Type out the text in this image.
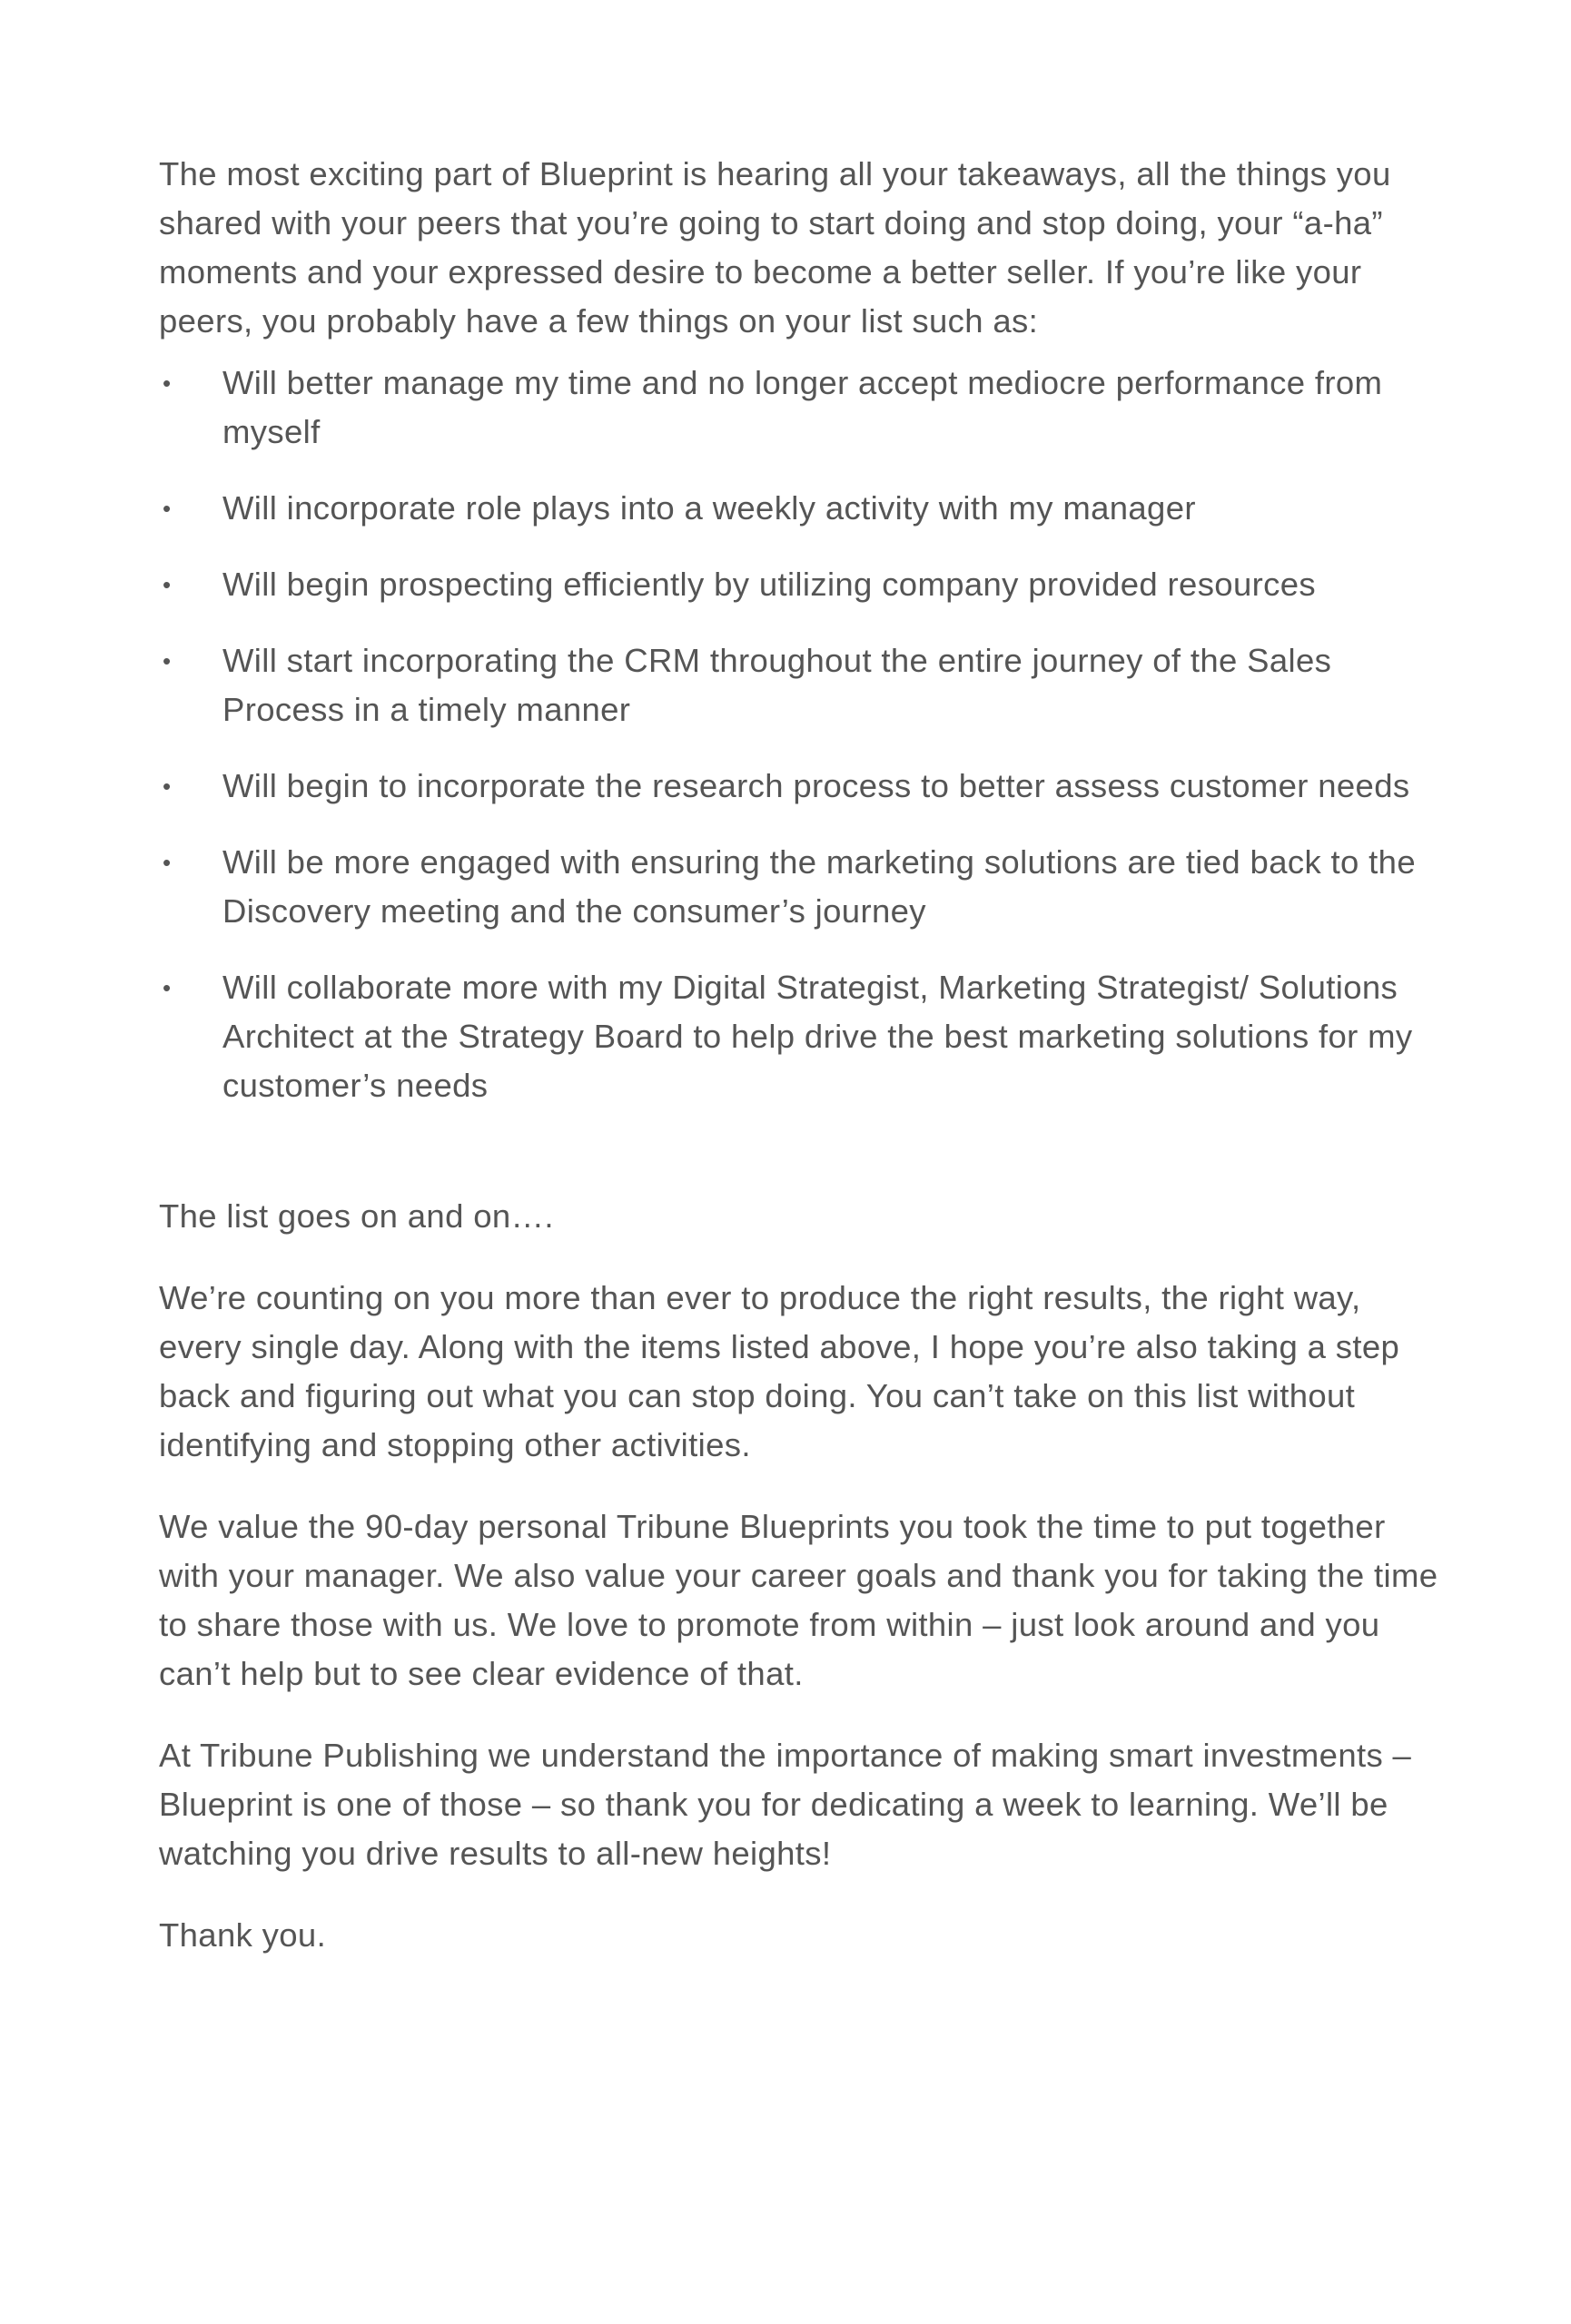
The most exciting part of Blueprint is hearing all your takeaways, all the things you shared with your peers that you’re going to start doing and stop doing, your “a-ha” moments and your expressed desire to become a better seller. If you’re like your peers, you probably have a few things on your list such as:

• Will better manage my time and no longer accept mediocre performance from myself
• Will incorporate role plays into a weekly activity with my manager
• Will begin prospecting efficiently by utilizing company provided resources
• Will start incorporating the CRM throughout the entire journey of the Sales Process in a timely manner
• Will begin to incorporate the research process to better assess customer needs
• Will be more engaged with ensuring the marketing solutions are tied back to the Discovery meeting and the consumer’s journey
• Will collaborate more with my Digital Strategist, Marketing Strategist/ Solutions Architect at the Strategy Board to help drive the best marketing solutions for my customer’s needs

The list goes on and on….

We’re counting on you more than ever to produce the right results, the right way, every single day. Along with the items listed above, I hope you’re also taking a step back and figuring out what you can stop doing. You can’t take on this list without identifying and stopping other activities.

We value the 90-day personal Tribune Blueprints you took the time to put together with your manager. We also value your career goals and thank you for taking the time to share those with us. We love to promote from within – just look around and you can’t help but to see clear evidence of that.

At Tribune Publishing we understand the importance of making smart investments – Blueprint is one of those – so thank you for dedicating a week to learning. We’ll be watching you drive results to all-new heights!

Thank you.
